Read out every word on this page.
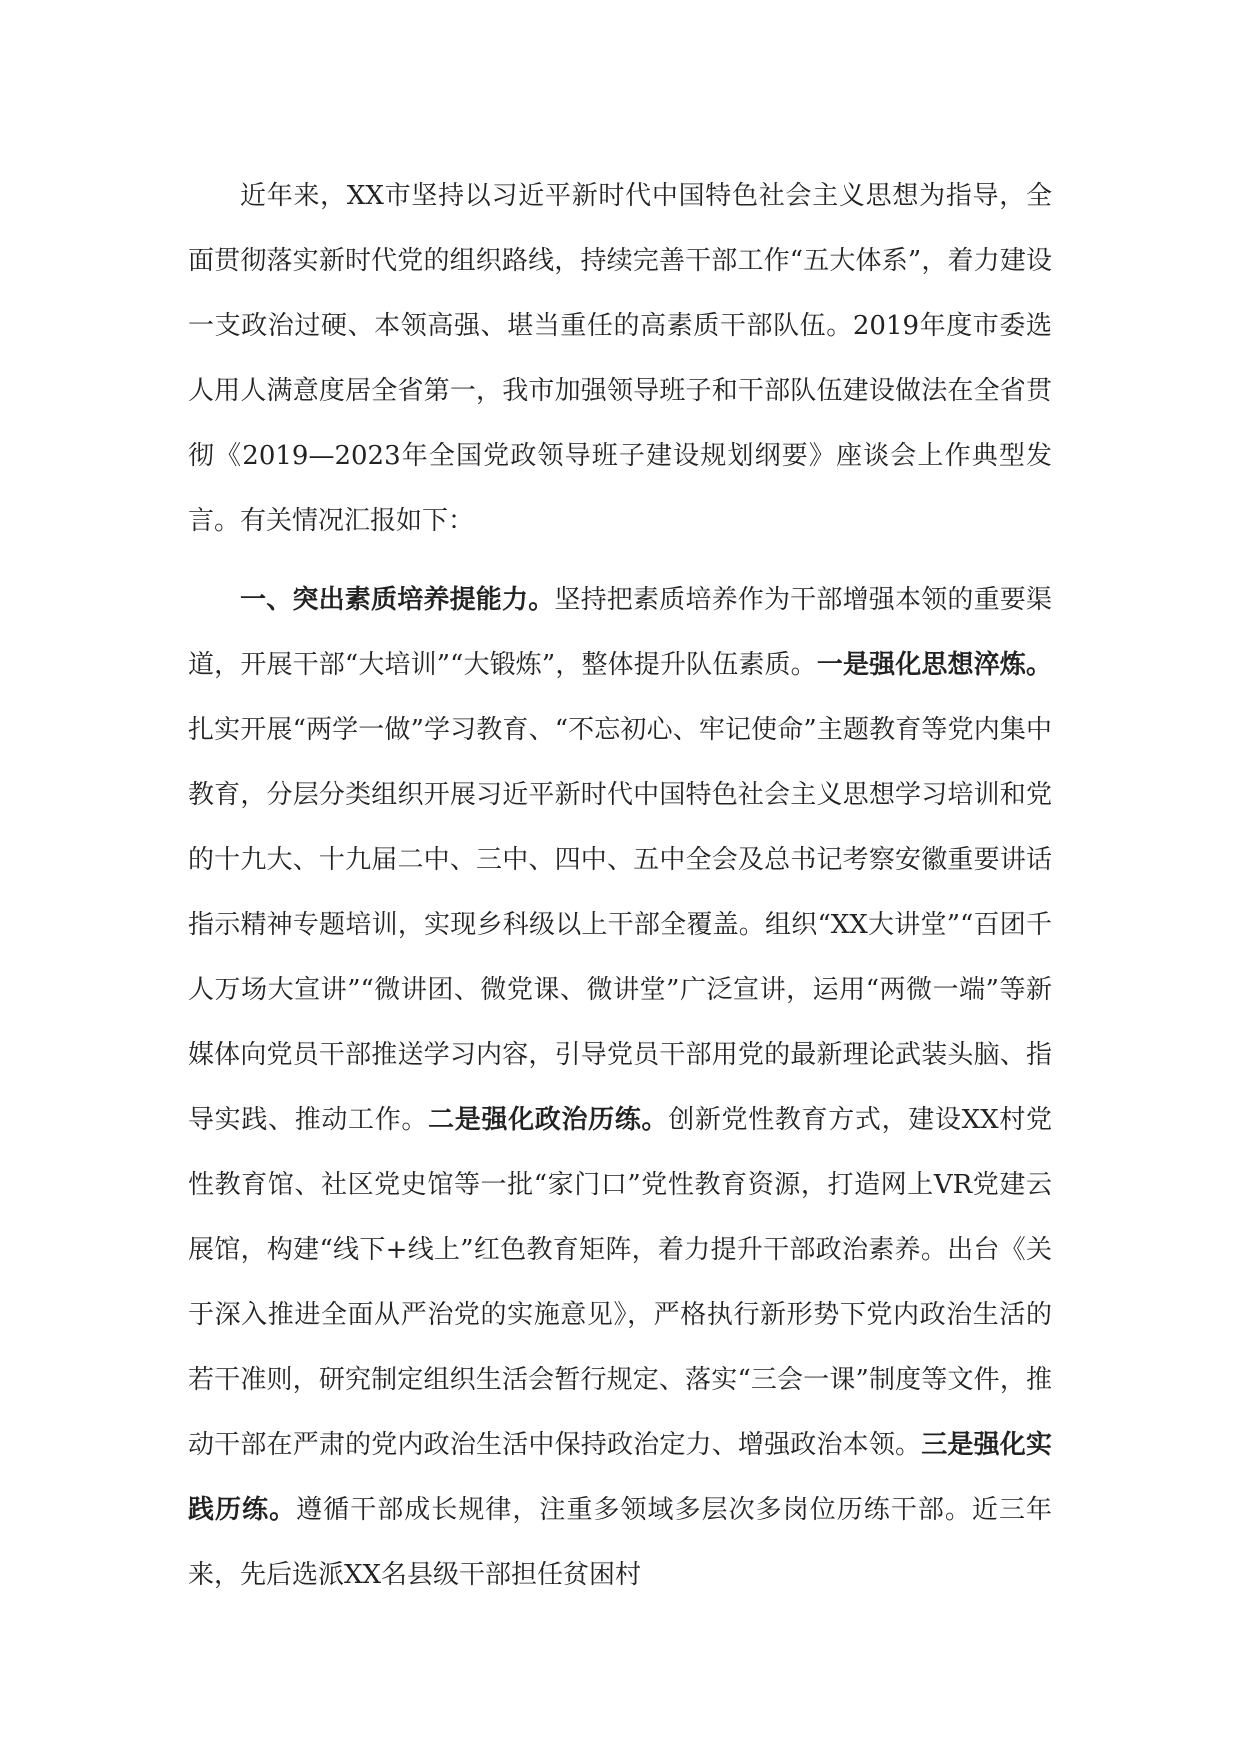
近年来，XX市坚持以习近平新时代中国特色社会主义思想为指导，全面贯彻落实新时代党的组织路线，持续完善干部工作“五大体系”，着力建设一支政治过硬、本领高强、堪当重任的高素质干部队伍。2019年度市委选人用人满意度居全省第一，我市加强领导班子和干部队伍建设做法在全省贯彻《2019—2023年全国党政领导班子建设规划纲要》座谈会上作典型发言。有关情况汇报如下：

一、突出素质培养提能力。坚持把素质培养作为干部增强本领的重要渠道，开展干部“大培训”“大锻炼”，整体提升队伍素质。一是强化思想淬炼。扎实开展“两学一做”学习教育、“不忘初心、牢记使命”主题教育等党内集中教育，分层分类组织开展习近平新时代中国特色社会主义思想学习培训和党的十九大、十九届二中、三中、四中、五中全会及总书记考察安徽重要讲话指示精神专题培训，实现乡科级以上干部全覆盖。组织“XX大讲堂”“百团千人万场大宣讲”“微讲团、微党课、微讲堂”广泛宣讲，运用“两微一端”等新媒体向党员干部推送学习内容，引导党员干部用党的最新理论武装头脑、指导实践、推动工作。二是强化政治历练。创新党性教育方式，建设XX村党性教育馆、社区党史馆等一批“家门口”党性教育资源，打造网上VR党建云展馆，构建“线下+线上”红色教育矩阵，着力提升干部政治素养。出台《关于深入推进全面从严治党的实施意见》，严格执行新形势下党内政治生活的若干准则，研究制定组织生活会暂行规定、落实“三会一课”制度等文件，推动干部在严肃的党内政治生活中保持政治定力、增强政治本领。三是强化实践历练。遵循干部成长规律，注重多领域多层次多岗位历练干部。近三年来，先后选派XX名县级干部担任贫困村
